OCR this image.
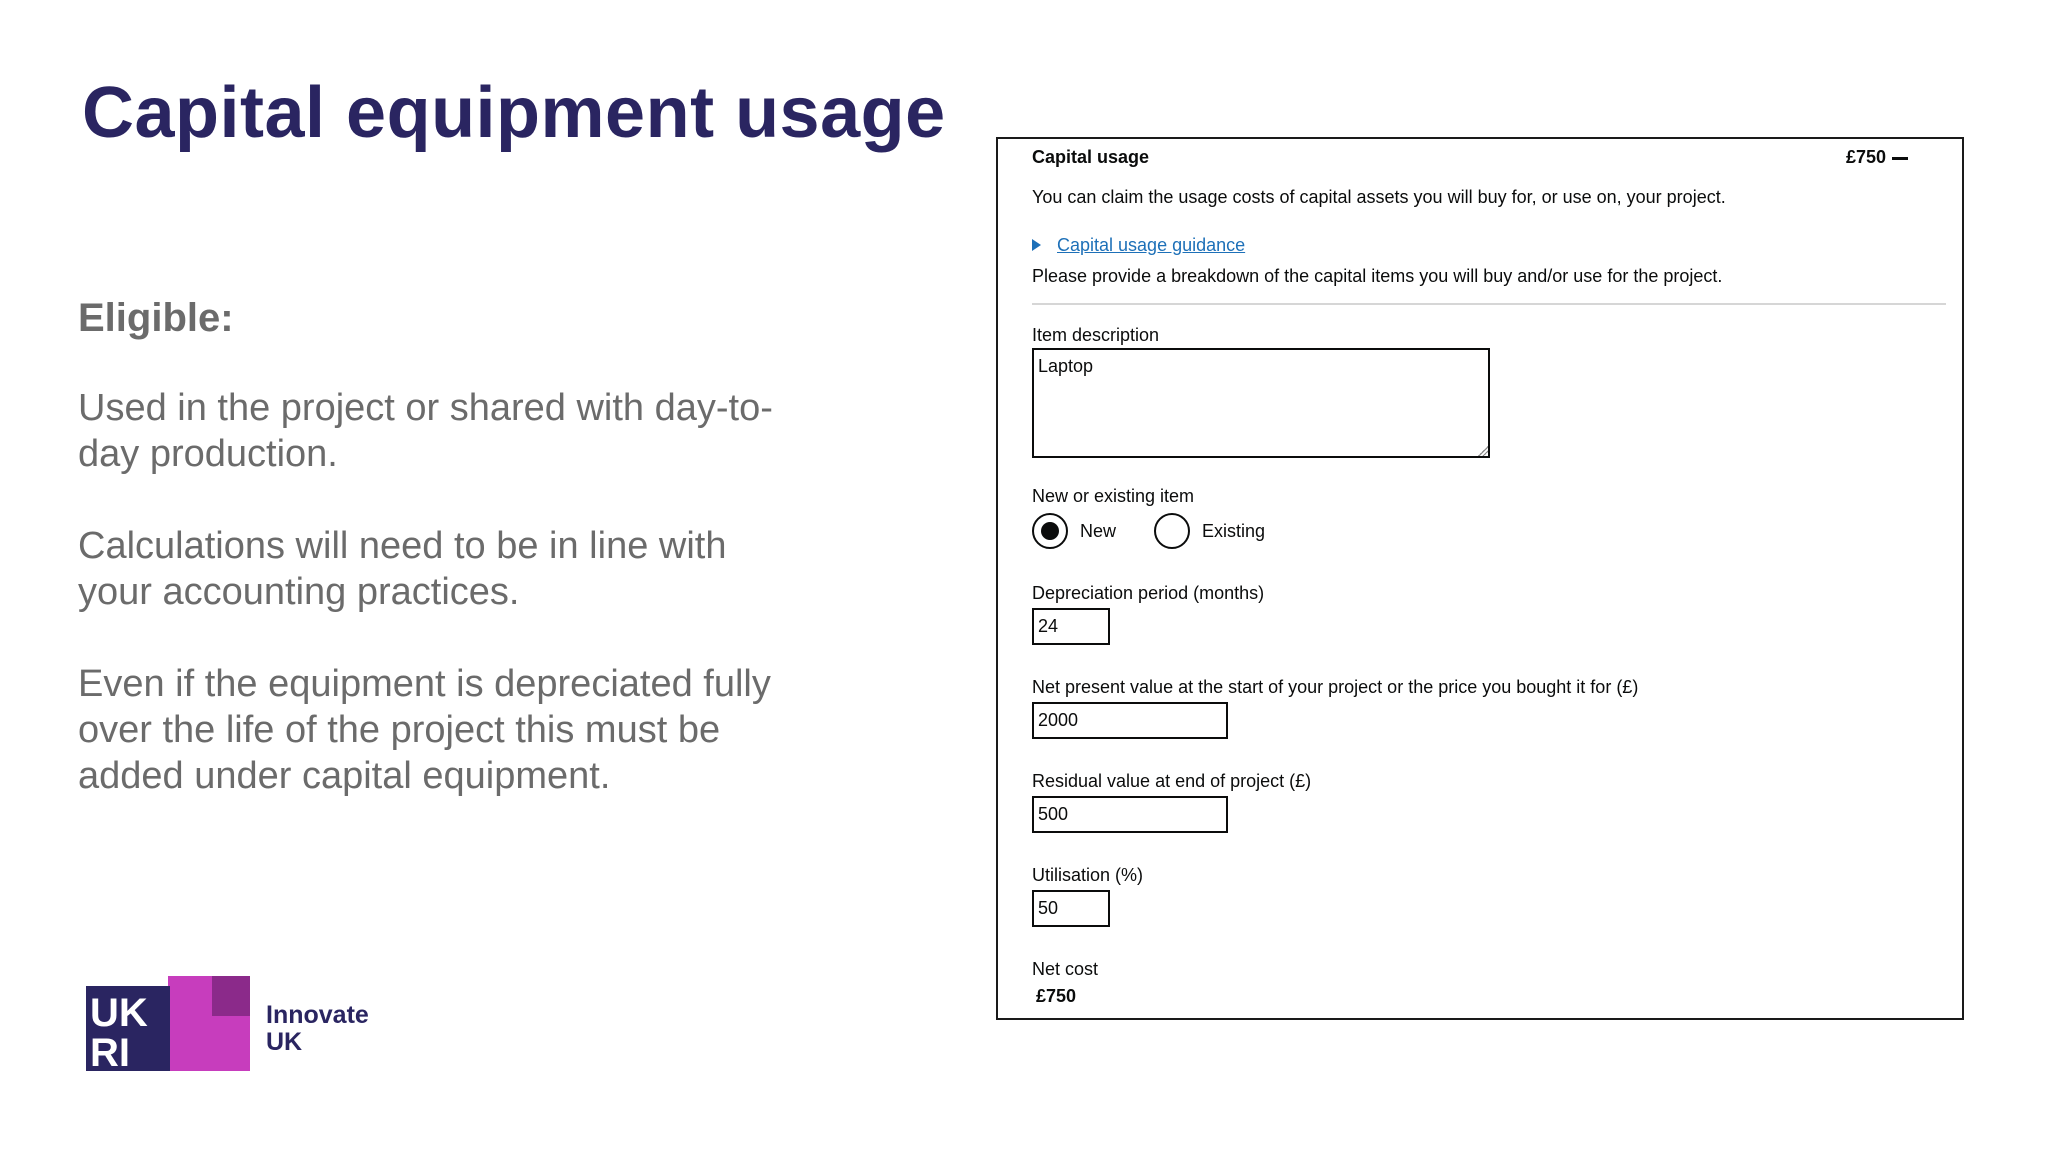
Capital equipment usage
Eligible:

Used in the project or shared with day-to-day production.

Calculations will need to be in line with your accounting practices.

Even if the equipment is depreciated fully over the life of the project this must be added under capital equipment.

UK
RI
Innovate
UK
Capital usage	£750
You can claim the usage costs of capital assets you will buy for, or use on, your project.
Capital usage guidance
Please provide a breakdown of the capital items you will buy and/or use for the project.
Item description
Laptop
New or existing item
New	Existing
Depreciation period (months)
24
Net present value at the start of your project or the price you bought it for (£)
2000
Residual value at end of project (£)
500
Utilisation (%)
50
Net cost
£750
